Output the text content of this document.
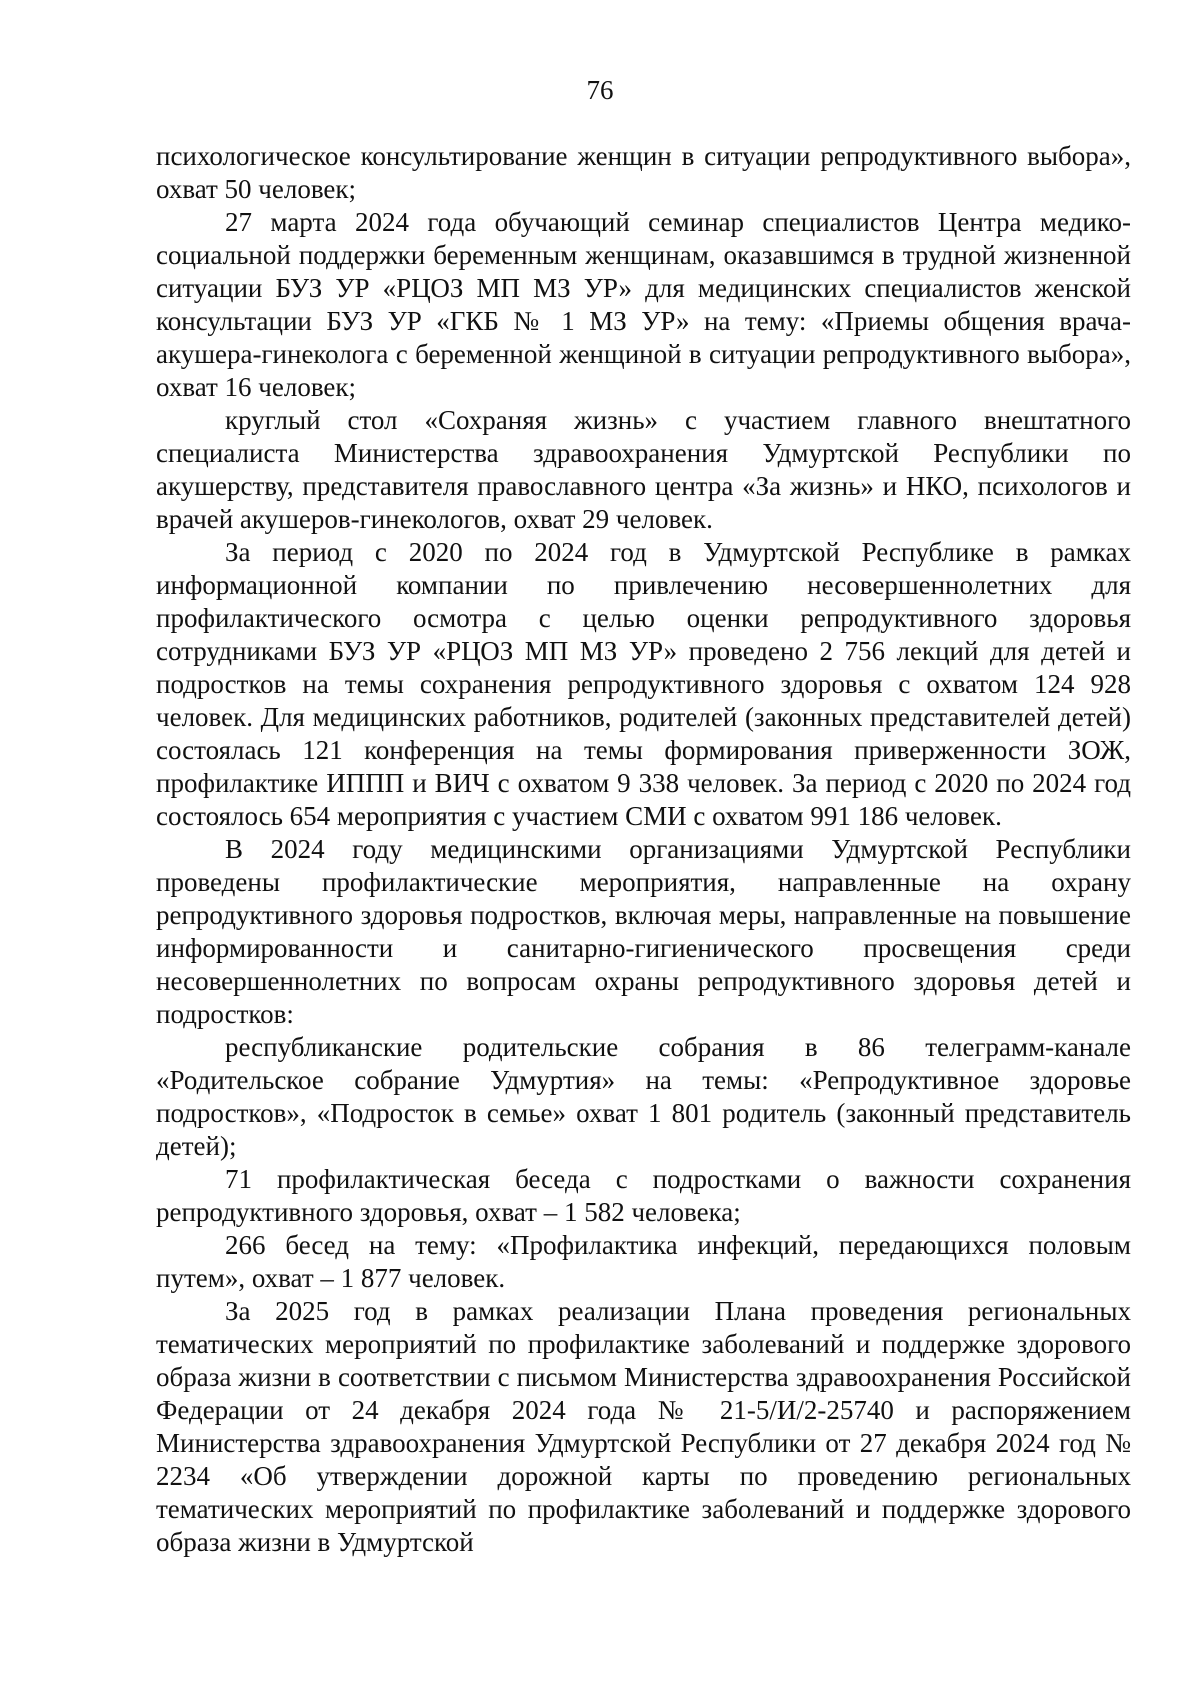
76

психологическое консультирование женщин в ситуации репродуктивного выбора», охват 50 человек;

27 марта 2024 года обучающий семинар специалистов Центра медико-социальной поддержки беременным женщинам, оказавшимся в трудной жизненной ситуации БУЗ УР «РЦОЗ МП МЗ УР» для медицинских специалистов женской консультации БУЗ УР «ГКБ № 1 МЗ УР» на тему: «Приемы общения врача-акушера-гинеколога с беременной женщиной в ситуации репродуктивного выбора», охват 16 человек;

круглый стол «Сохраняя жизнь» с участием главного внештатного специалиста Министерства здравоохранения Удмуртской Республики по акушерству, представителя православного центра «За жизнь» и НКО, психологов и врачей акушеров-гинекологов, охват 29 человек.

За период с 2020 по 2024 год в Удмуртской Республике в рамках информационной компании по привлечению несовершеннолетних для профилактического осмотра с целью оценки репродуктивного здоровья сотрудниками БУЗ УР «РЦОЗ МП МЗ УР» проведено 2 756 лекций для детей и подростков на темы сохранения репродуктивного здоровья с охватом 124 928 человек. Для медицинских работников, родителей (законных представителей детей) состоялась 121 конференция на темы формирования приверженности ЗОЖ, профилактике ИППП и ВИЧ с охватом 9 338 человек. За период с 2020 по 2024 год состоялось 654 мероприятия с участием СМИ с охватом 991 186 человек.

В 2024 году медицинскими организациями Удмуртской Республики проведены профилактические мероприятия, направленные на охрану репродуктивного здоровья подростков, включая меры, направленные на повышение информированности и санитарно-гигиенического просвещения среди несовершеннолетних по вопросам охраны репродуктивного здоровья детей и подростков:

республиканские родительские собрания в 86 телеграмм-канале «Родительское собрание Удмуртия» на темы: «Репродуктивное здоровье подростков», «Подросток в семье» охват 1 801 родитель (законный представитель детей);

71 профилактическая беседа с подростками о важности сохранения репродуктивного здоровья, охват – 1 582 человека;

266 бесед на тему: «Профилактика инфекций, передающихся половым путем», охват – 1 877 человек.

За 2025 год в рамках реализации Плана проведения региональных тематических мероприятий по профилактике заболеваний и поддержке здорового образа жизни в соответствии с письмом Министерства здравоохранения Российской Федерации от 24 декабря 2024 года № 21-5/И/2-25740 и распоряжением Министерства здравоохранения Удмуртской Республики от 27 декабря 2024 год № 2234 «Об утверждении дорожной карты по проведению региональных тематических мероприятий по профилактике заболеваний и поддержке здорового образа жизни в Удмуртской
